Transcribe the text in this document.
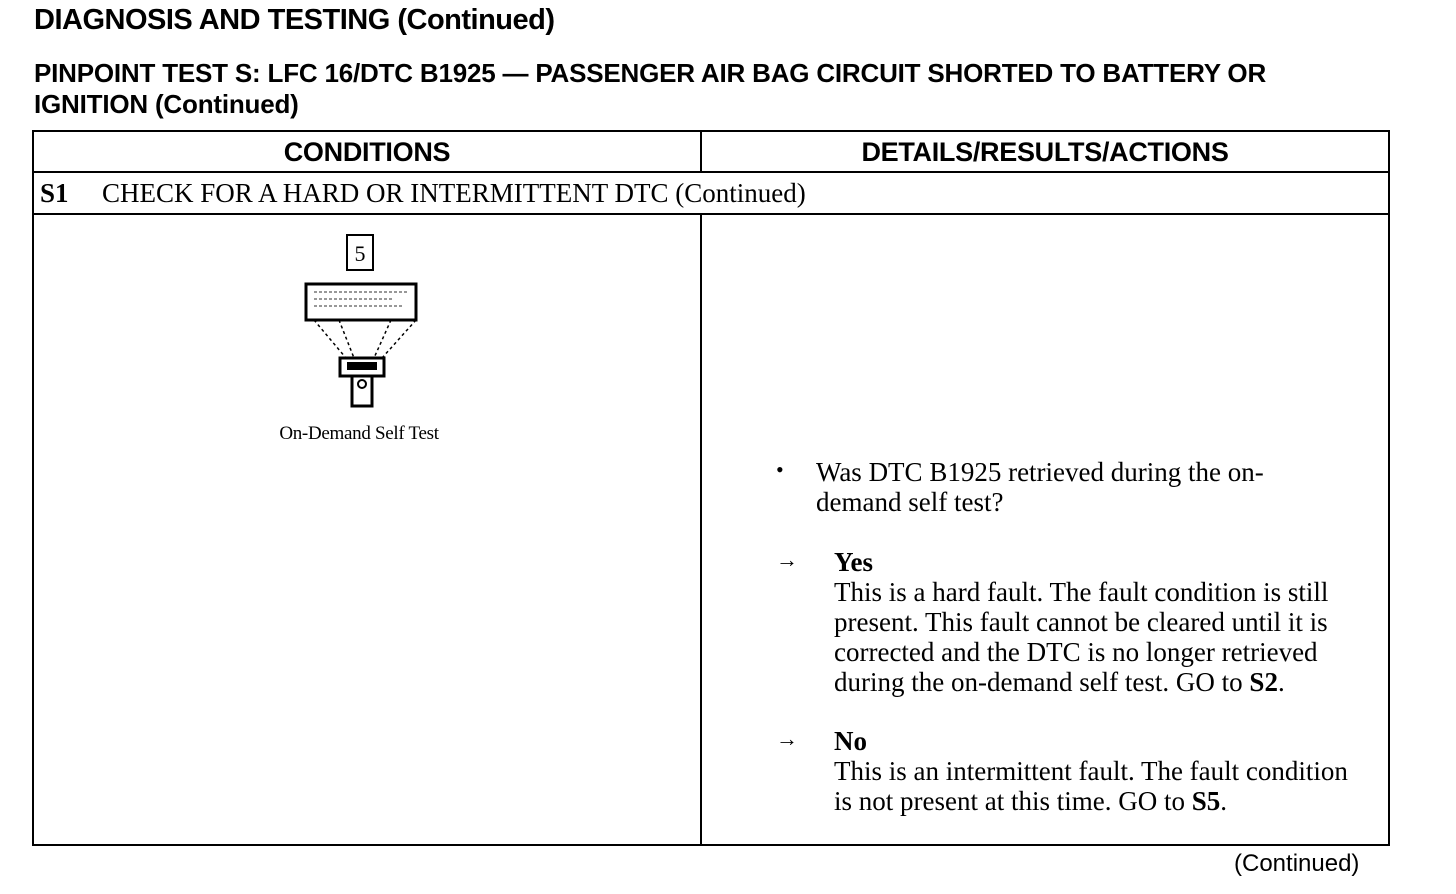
DIAGNOSIS AND TESTING (Continued)
PINPOINT TEST S: LFC 16/DTC B1925 — PASSENGER AIR BAG CIRCUIT SHORTED TO BATTERY OR IGNITION (Continued)
CONDITIONS	DETAILS/RESULTS/ACTIONS
S1 CHECK FOR A HARD OR INTERMITTENT DTC (Continued)
5
On-Demand Self Test
• Was DTC B1925 retrieved during the on-demand self test?
→ Yes
This is a hard fault. The fault condition is still present. This fault cannot be cleared until it is corrected and the DTC is no longer retrieved during the on-demand self test. GO to S2.
→ No
This is an intermittent fault. The fault condition is not present at this time. GO to S5.
(Continued)
